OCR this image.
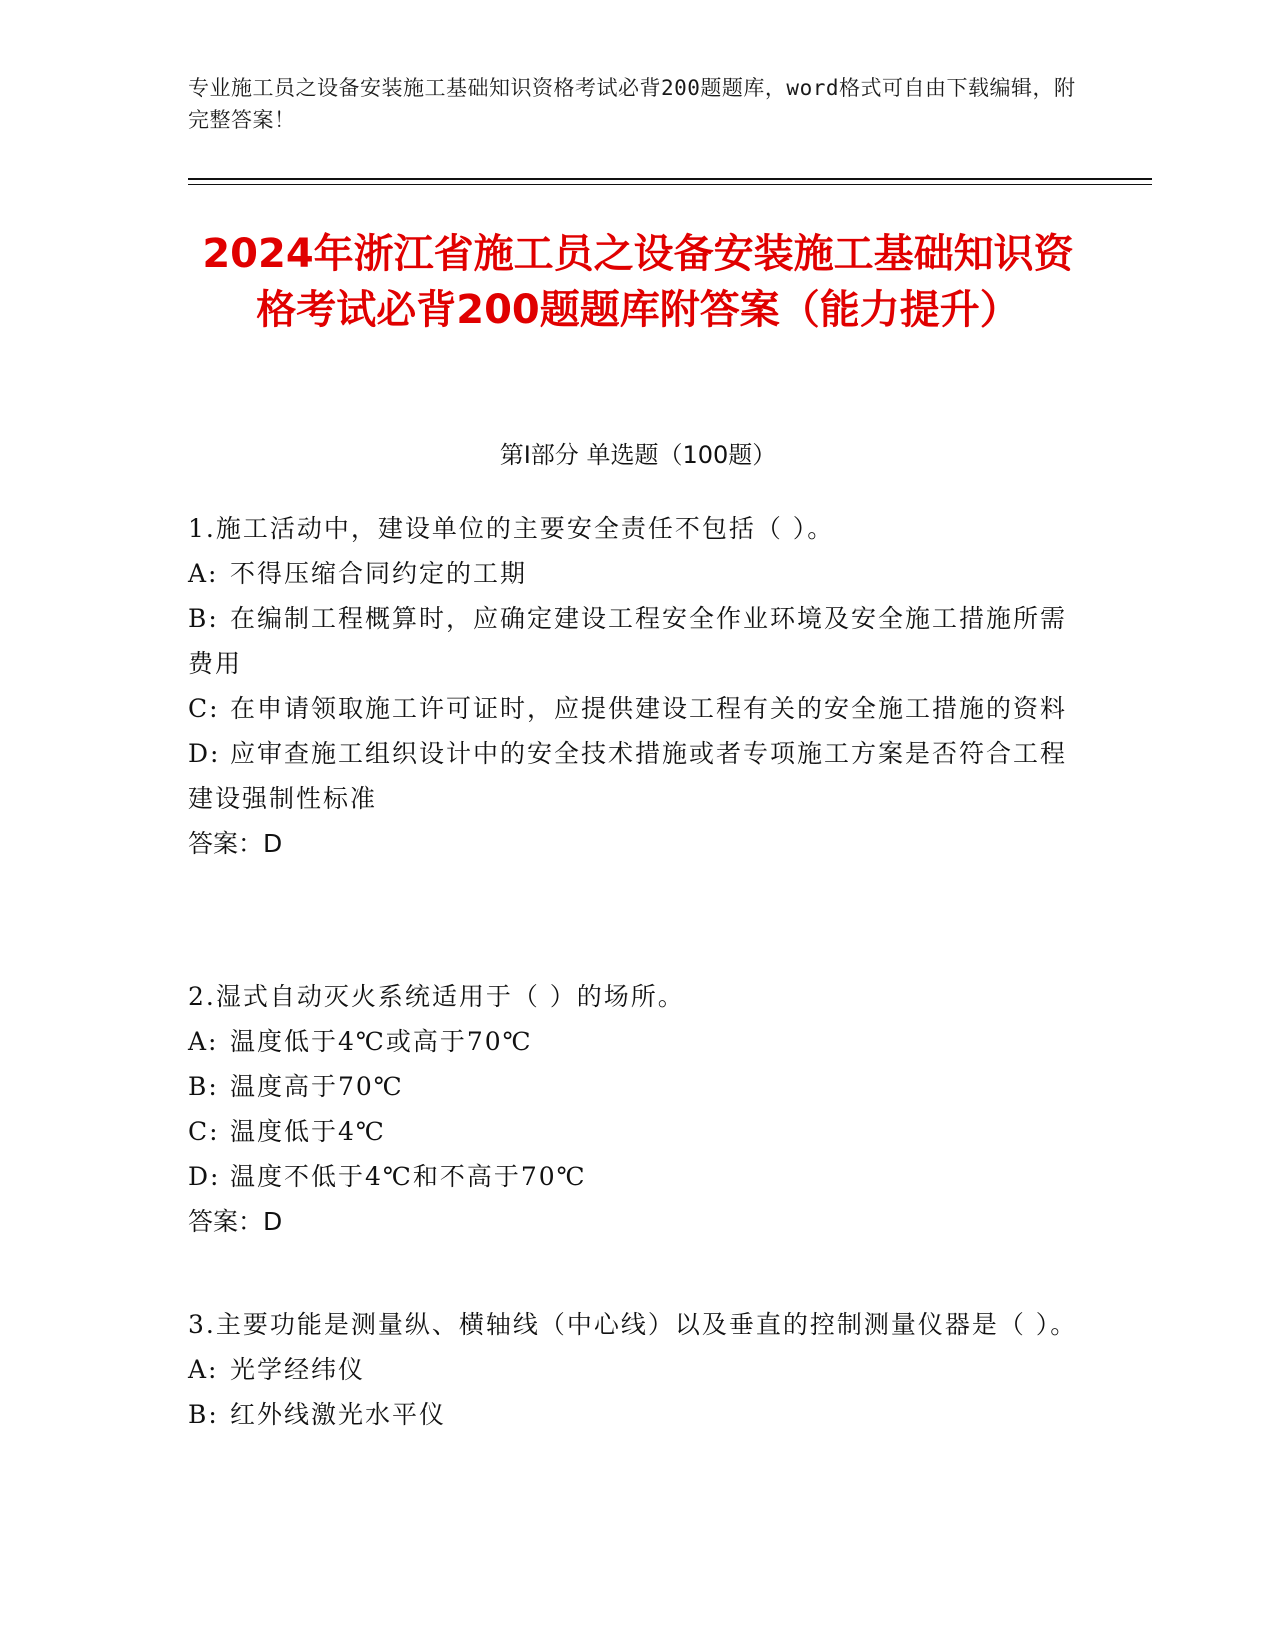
专业施工员之设备安装施工基础知识资格考试必背200题题库，word格式可自由下载编辑，附完整答案！
2024年浙江省施工员之设备安装施工基础知识资格考试必背200题题库附答案（能力提升）
第I部分 单选题（100题）
1.施工活动中，建设单位的主要安全责任不包括（ ）。
A: 不得压缩合同约定的工期
B: 在编制工程概算时，应确定建设工程安全作业环境及安全施工措施所需费用
C: 在申请领取施工许可证时，应提供建设工程有关的安全施工措施的资料
D: 应审查施工组织设计中的安全技术措施或者专项施工方案是否符合工程建设强制性标准
答案：D
2.湿式自动灭火系统适用于（ ）的场所。
A: 温度低于4℃或高于70℃
B: 温度高于70℃
C: 温度低于4℃
D: 温度不低于4℃和不高于70℃
答案：D
3.主要功能是测量纵、横轴线（中心线）以及垂直的控制测量仪器是（ ）。
A: 光学经纬仪
B: 红外线激光水平仪
